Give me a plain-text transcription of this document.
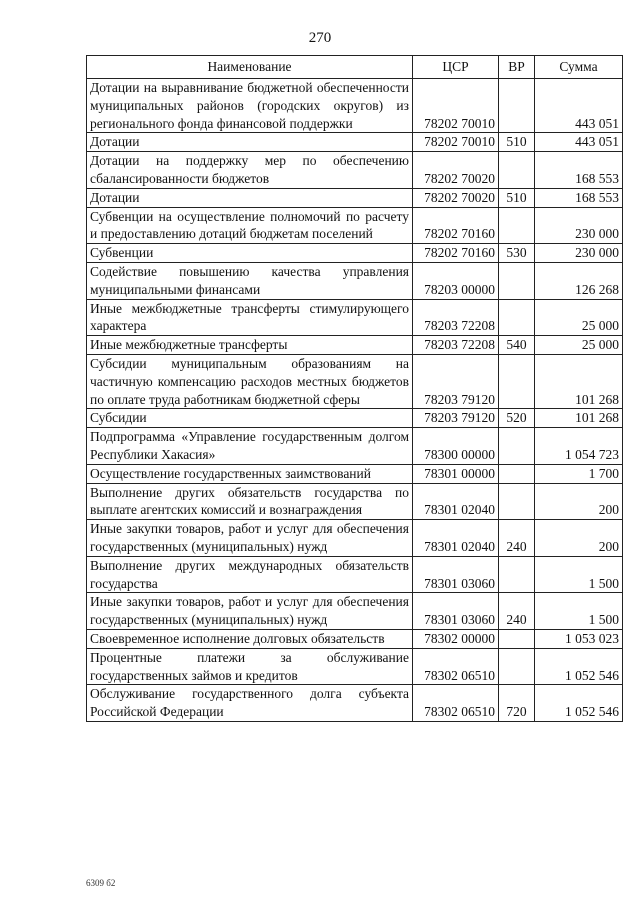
270
Наименование	ЦСР	ВР	Сумма
Дотации на выравнивание бюджетной обеспеченности муниципальных районов (городских округов) из регионального фонда финансовой поддержки	78202 70010		443 051
Дотации	78202 70010	510	443 051
Дотации на поддержку мер по обеспечению сбалансированности бюджетов	78202 70020		168 553
Дотации	78202 70020	510	168 553
Субвенции на осуществление полномочий по расчету и предоставлению дотаций бюджетам поселений	78202 70160		230 000
Субвенции	78202 70160	530	230 000
Содействие повышению качества управления муниципальными финансами	78203 00000		126 268
Иные межбюджетные трансферты стимулирующего характера	78203 72208		25 000
Иные межбюджетные трансферты	78203 72208	540	25 000
Субсидии муниципальным образованиям на частичную компенсацию расходов местных бюджетов по оплате труда работникам бюджетной сферы	78203 79120		101 268
Субсидии	78203 79120	520	101 268
Подпрограмма «Управление государственным долгом Республики Хакасия»	78300 00000		1 054 723
Осуществление государственных заимствований	78301 00000		1 700
Выполнение других обязательств государства по выплате агентских комиссий и вознаграждения	78301 02040		200
Иные закупки товаров, работ и услуг для обеспечения государственных (муниципальных) нужд	78301 02040	240	200
Выполнение других международных обязательств государства	78301 03060		1 500
Иные закупки товаров, работ и услуг для обеспечения государственных (муниципальных) нужд	78301 03060	240	1 500
Своевременное исполнение долговых обязательств	78302 00000		1 053 023
Процентные платежи за обслуживание государственных займов и кредитов	78302 06510		1 052 546
Обслуживание государственного долга субъекта Российской Федерации	78302 06510	720	1 052 546
6309 б2
